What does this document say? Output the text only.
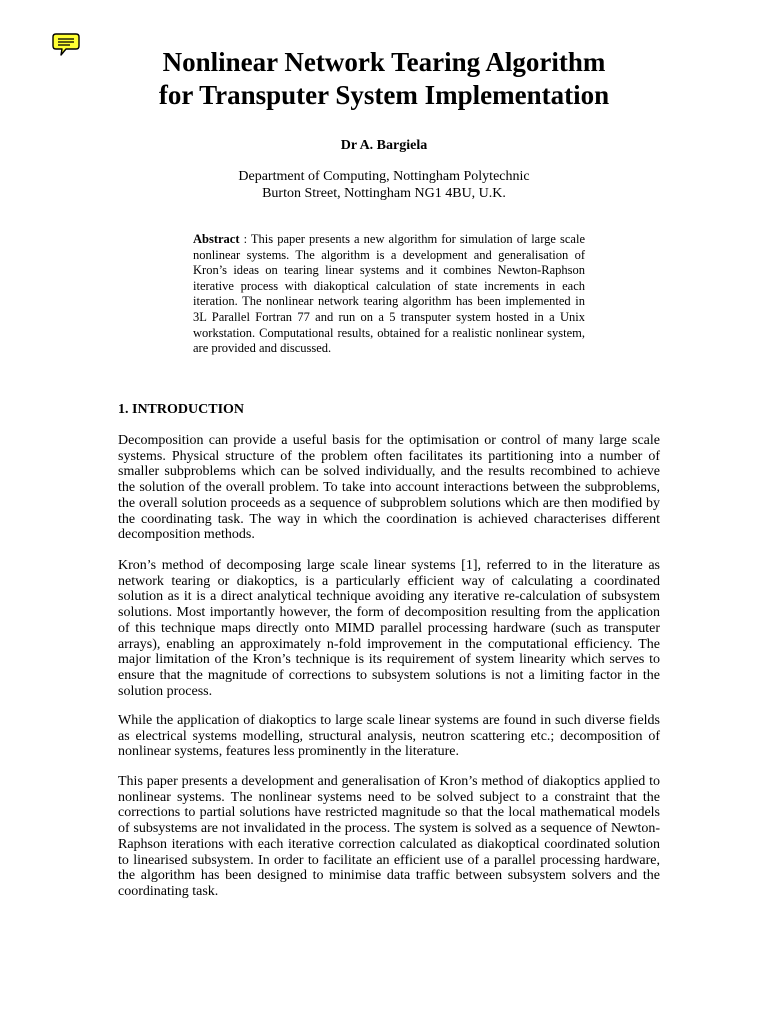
Nonlinear Network Tearing Algorithm
for Transputer System Implementation
Dr A. Bargiela
Department of Computing, Nottingham Polytechnic
Burton Street, Nottingham NG1 4BU, U.K.
Abstract : This paper presents a new algorithm for simulation of large scale nonlinear systems. The algorithm is a development and generalisation of Kron’s ideas on tearing linear systems and it combines Newton-Raphson iterative process with diakoptical calculation of state increments in each iteration. The nonlinear network tearing algorithm has been implemented in 3L Parallel Fortran 77 and run on a 5 transputer system hosted in a Unix workstation. Computational results, obtained for a realistic nonlinear system, are provided and discussed.
1. INTRODUCTION
Decomposition can provide a useful basis for the optimisation or control of many large scale systems. Physical structure of the problem often facilitates its partitioning into a number of smaller subproblems which can be solved individually, and the results recombined to achieve the solution of the overall problem. To take into account interactions between the subproblems, the overall solution proceeds as a sequence of subproblem solutions which are then modified by the coordinating task. The way in which the coordination is achieved characterises different decomposition methods.
Kron’s method of decomposing large scale linear systems [1], referred to in the literature as network tearing or diakoptics, is a particularly efficient way of calculating a coordinated solution as it is a direct analytical technique avoiding any iterative re-calculation of subsystem solutions. Most importantly however, the form of decomposition resulting from the application of this technique maps directly onto MIMD parallel processing hardware (such as transputer arrays), enabling an approximately n-fold improvement in the computational efficiency. The major limitation of the Kron’s technique is its requirement of system linearity which serves to ensure that the magnitude of corrections to subsystem solutions is not a limiting factor in the solution process.
While the application of diakoptics to large scale linear systems are found in such diverse fields as electrical systems modelling, structural analysis, neutron scattering etc.; decomposition of nonlinear systems, features less prominently in the literature.
This paper presents a development and generalisation of Kron’s method of diakoptics applied to nonlinear systems. The nonlinear systems need to be solved subject to a constraint that the corrections to partial solutions have restricted magnitude so that the local mathematical models of subsystems are not invalidated in the process. The system is solved as a sequence of Newton-Raphson iterations with each iterative correction calculated as diakoptical coordinated solution to linearised subsystem. In order to facilitate an efficient use of a parallel processing hardware, the algorithm has been designed to minimise data traffic between subsystem solvers and the coordinating task.
